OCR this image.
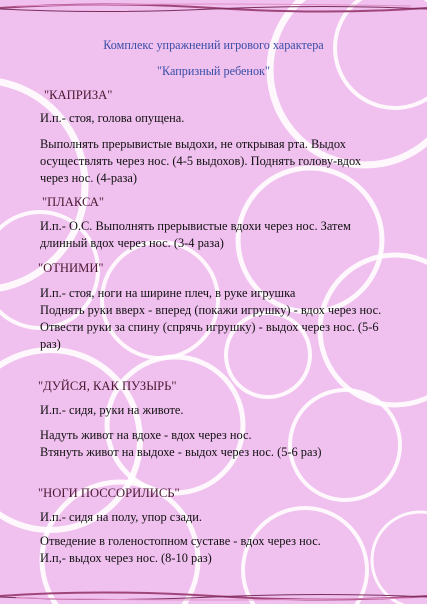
Комплекс упражнений игрового характера
"Капризный ребенок"
"КАПРИЗА"
И.п.- стоя, голова опущена.
Выполнять прерывистые выдохи, не открывая рта. Выдох
осуществлять через нос. (4-5 выдохов). Поднять голову-вдох
через нос. (4-раза)
"ПЛАКСА"
И.п.- О.С. Выполнять прерывистые вдохи через нос. Затем
длинный вдох через нос. (3-4 раза)
"ОТНИМИ"
И.п.- стоя, ноги на ширине плеч, в руке игрушка
Поднять руки вверх - вперед (покажи игрушку) - вдох через нос.
Отвести руки за спину (спрячь игрушку) - выдох через нос. (5-6
раз)
"ДУЙСЯ, КАК ПУЗЫРЬ"
И.п.- сидя, руки на животе.
Надуть живот на вдохе - вдох через нос.
Втянуть живот на выдохе - выдох через нос. (5-6 раз)
"НОГИ ПОССОРИЛИСЬ"
И.п.- сидя на полу, упор сзади.
Отведение в голеностопном суставе - вдох через нос.
И.п,- выдох через нос. (8-10 раз)
